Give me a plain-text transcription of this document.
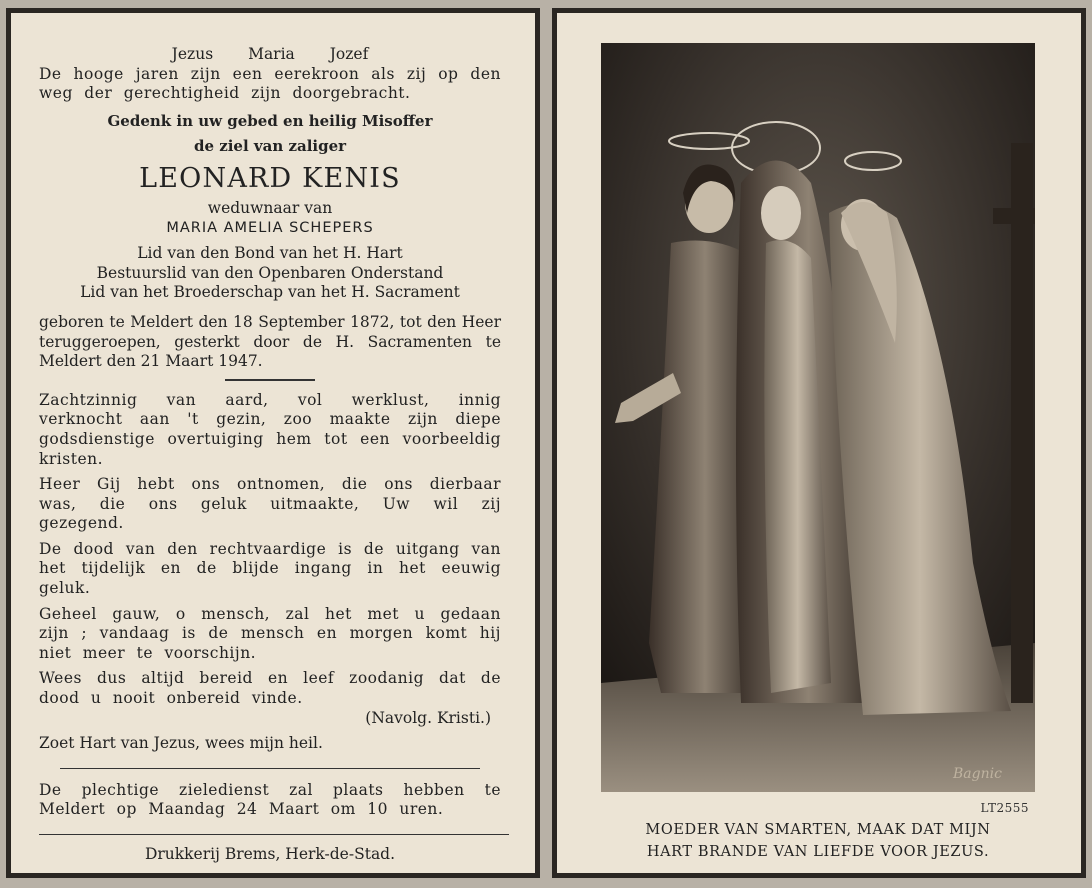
Jezus Maria Jozef
De hooge jaren zijn een eerekroon als zij op den weg der gerechtigheid zijn doorgebracht.
Gedenk in uw gebed en heilig Misoffer
de ziel van zaliger
LEONARD KENIS
weduwnaar van
MARIA AMELIA SCHEPERS
Lid van den Bond van het H. Hart
Bestuurslid van den Openbaren Onderstand
Lid van het Broederschap van het H. Sacrament
geboren te Meldert den 18 September 1872, tot den Heer teruggeroepen, gesterkt door de H. Sacramenten te Meldert den 21 Maart 1947.
Zachtzinnig van aard, vol werklust, innig verknocht aan 't gezin, zoo maakte zijn diepe godsdienstige overtuiging hem tot een voorbeeldig kristen.
Heer Gij hebt ons ontnomen, die ons dierbaar was, die ons geluk uitmaakte, Uw wil zij gezegend.
De dood van den rechtvaardige is de uitgang van het tijdelijk en de blijde ingang in het eeuwig geluk.
Geheel gauw, o mensch, zal het met u gedaan zijn ; vandaag is de mensch en morgen komt hij niet meer te voorschijn.
Wees dus altijd bereid en leef zoodanig dat de dood u nooit onbereid vinde.
(Navolg. Kristi.)
Zoet Hart van Jezus, wees mijn heil.
De plechtige zieledienst zal plaats hebben te Meldert op Maandag 24 Maart om 10 uren.
Drukkerij Brems, Herk-de-Stad.
Bagnic
LT2555
MOEDER VAN SMARTEN, MAAK DAT MIJN
HART BRANDE VAN LIEFDE VOOR JEZUS.
